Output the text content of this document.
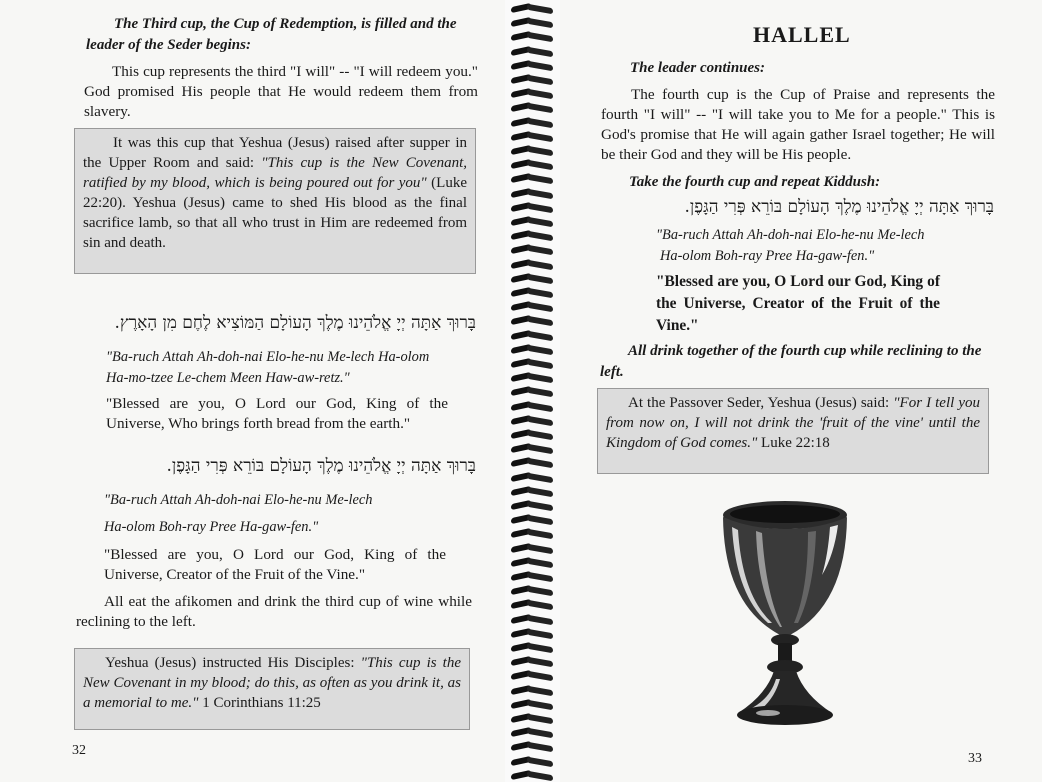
The Third cup, the Cup of Redemption, is filled and the leader of the Seder begins:

This cup represents the third "I will" -- "I will redeem you." God promised His people that He would redeem them from slavery.

It was this cup that Yeshua (Jesus) raised after supper in the Upper Room and said: "This cup is the New Covenant, ratified by my blood, which is being poured out for you" (Luke 22:20). Yeshua (Jesus) came to shed His blood as the final sacrifice lamb, so that all who trust in Him are redeemed from sin and death.

בָּרוּךְ אַתָּה יְיָ אֱלֹהֵינוּ מֶלֶךְ הָעוֹלָם הַמּוֹצִיא לֶחֶם מִן הָאָרֶץ.

"Ba-ruch Attah Ah-doh-nai Elo-he-nu Me-lech Ha-olom

Ha-mo-tzee Le-chem Meen Haw-aw-retz."

"Blessed are you, O Lord our God, King of the Universe, Who brings forth bread from the earth."

בָּרוּךְ אַתָּה יְיָ אֱלֹהֵינוּ מֶלֶךְ הָעוֹלָם בּוֹרֵא פְּרִי הַגָּפֶן.

"Ba-ruch Attah Ah-doh-nai Elo-he-nu Me-lech

Ha-olom Boh-ray Pree Ha-gaw-fen."

"Blessed are you, O Lord our God, King of the Universe, Creator of the Fruit of the Vine."

All eat the afikomen and drink the third cup of wine while reclining to the left.

Yeshua (Jesus) instructed His Disciples: "This cup is the New Covenant in my blood; do this, as often as you drink it, as a memorial to me." 1 Corinthians 11:25
32

HALLEL

The leader continues:

The fourth cup is the Cup of Praise and represents the fourth "I will" -- "I will take you to Me for a people." This is God's promise that He will again gather Israel together; He will be their God and they will be His people.

Take the fourth cup and repeat Kiddush:

בָּרוּךְ אַתָּה יְיָ אֱלֹהֵינוּ מֶלֶךְ הָעוֹלָם בּוֹרֵא פְּרִי הַגָּפֶן.

"Ba-ruch Attah Ah-doh-nai Elo-he-nu Me-lech

Ha-olom Boh-ray Pree Ha-gaw-fen."

"Blessed are you, O Lord our God, King of the Universe, Creator of the Fruit of the Vine."

All drink together of the fourth cup while reclining to the left.

At the Passover Seder, Yeshua (Jesus) said: "For I tell you from now on, I will not drink the 'fruit of the vine' until the Kingdom of God comes." Luke 22:18
33
